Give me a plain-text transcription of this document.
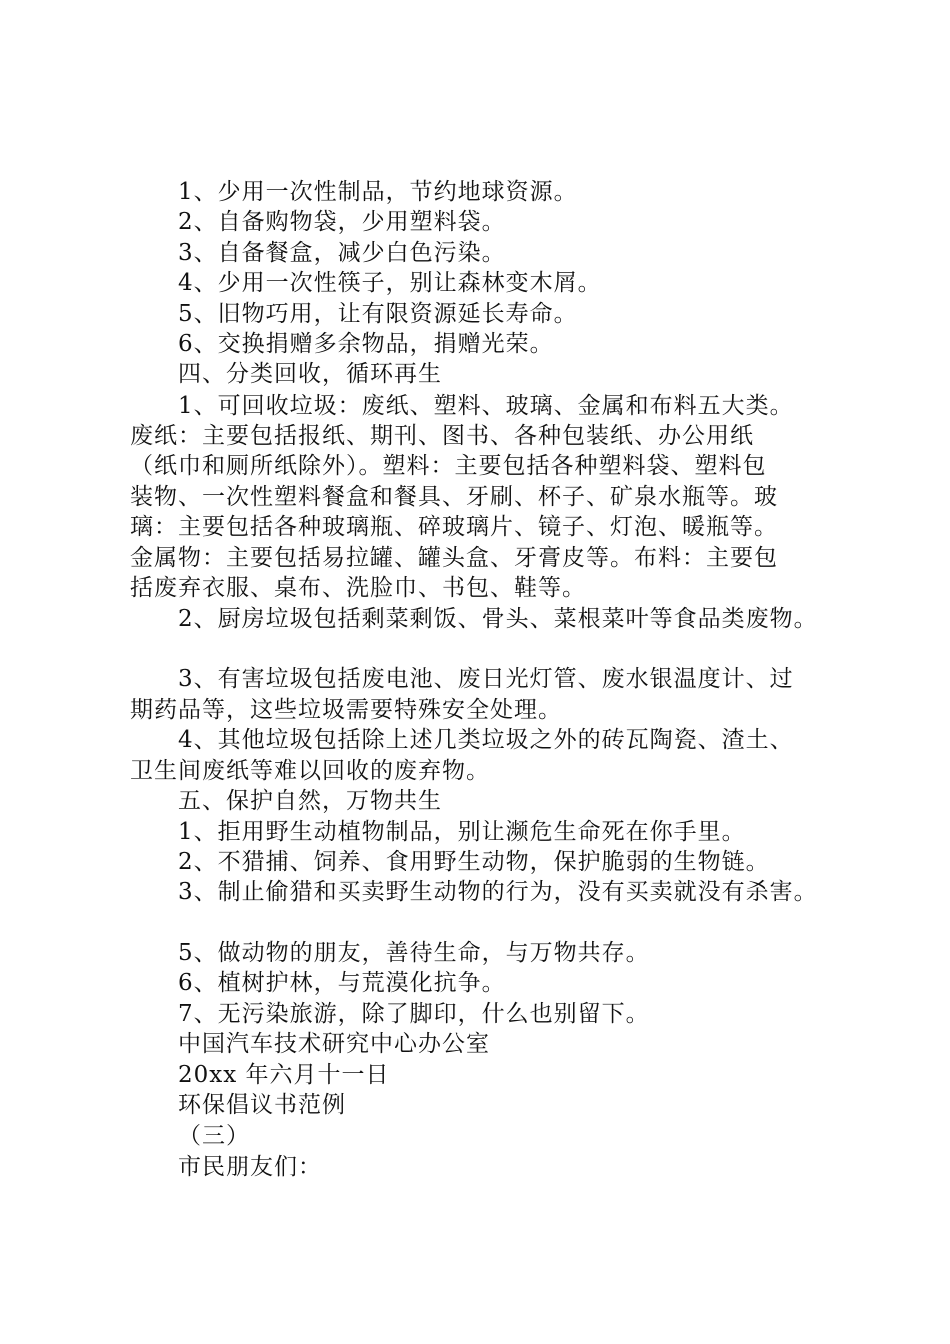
1、少用一次性制品，节约地球资源。
2、自备购物袋，少用塑料袋。
3、自备餐盒，减少白色污染。
4、少用一次性筷子，别让森林变木屑。
5、旧物巧用，让有限资源延长寿命。
6、交换捐赠多余物品，捐赠光荣。
四、分类回收，循环再生
1、可回收垃圾：废纸、塑料、玻璃、金属和布料五大类。
废纸：主要包括报纸、期刊、图书、各种包装纸、办公用纸
（纸巾和厕所纸除外）。塑料：主要包括各种塑料袋、塑料包
装物、一次性塑料餐盒和餐具、牙刷、杯子、矿泉水瓶等。玻
璃：主要包括各种玻璃瓶、碎玻璃片、镜子、灯泡、暖瓶等。
金属物：主要包括易拉罐、罐头盒、牙膏皮等。布料：主要包
括废弃衣服、桌布、洗脸巾、书包、鞋等。
2、厨房垃圾包括剩菜剩饭、骨头、菜根菜叶等食品类废物。
3、有害垃圾包括废电池、废日光灯管、废水银温度计、过
期药品等，这些垃圾需要特殊安全处理。
4、其他垃圾包括除上述几类垃圾之外的砖瓦陶瓷、渣土、
卫生间废纸等难以回收的废弃物。
五、保护自然，万物共生
1、拒用野生动植物制品，别让濒危生命死在你手里。
2、不猎捕、饲养、食用野生动物，保护脆弱的生物链。
3、制止偷猎和买卖野生动物的行为，没有买卖就没有杀害。
5、做动物的朋友，善待生命，与万物共存。
6、植树护林，与荒漠化抗争。
7、无污染旅游，除了脚印，什么也别留下。
中国汽车技术研究中心办公室
20xx 年六月十一日
环保倡议书范例
（三）
市民朋友们：
